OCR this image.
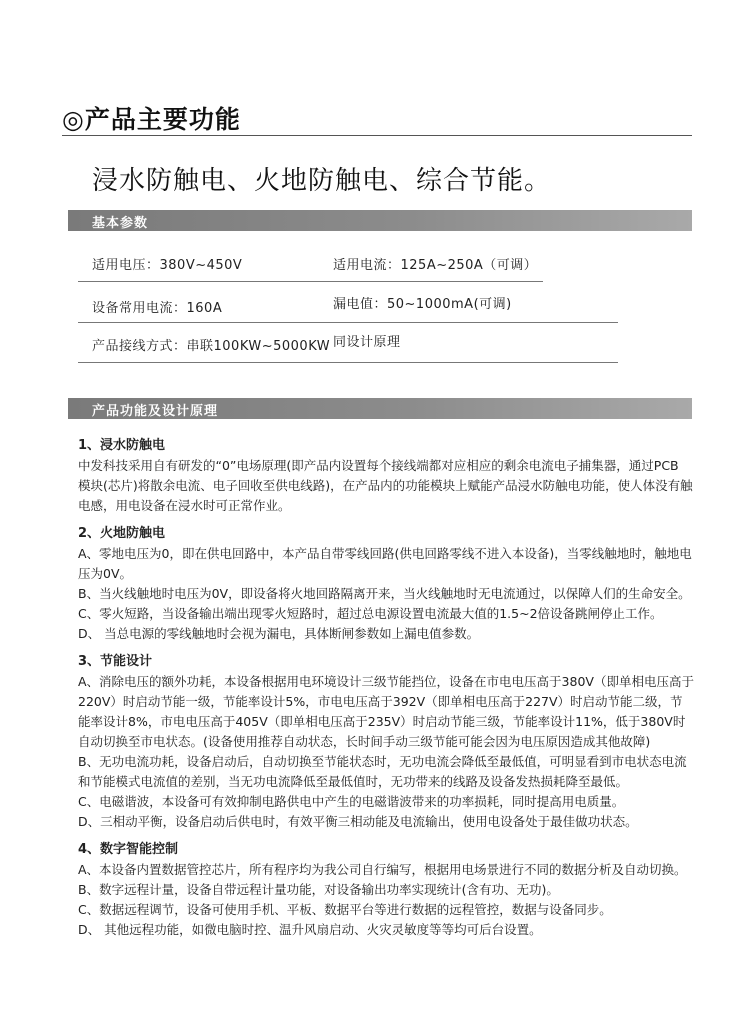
◎产品主要功能
浸水防触电、火地防触电、综合节能。
基本参数
适用电压：380V~450V	适用电流：125A~250A（可调）
设备常用电流：160A	漏电值：50~1000mA(可调)
产品接线方式：串联100KW~5000KW 同设计原理
产品功能及设计原理
1、浸水防触电

中发科技采用自有研发的“0”电场原理(即产品内设置每个接线端都对应相应的剩余电流电子捕集器，通过PCB 模块(芯片)将散余电流、电子回收至供电线路)，在产品内的功能模块上赋能产品浸水防触电功能，使人体没有触电感，用电设备在浸水时可正常作业。

2、火地防触电

A、零地电压为0，即在供电回路中，本产品自带零线回路(供电回路零线不进入本设备)，当零线触地时，触地电压为0V。

B、当火线触地时电压为0V，即设备将火地回路隔离开来，当火线触地时无电流通过，以保障人们的生命安全。

C、零火短路，当设备输出端出现零火短路时，超过总电源设置电流最大值的1.5~2倍设备跳闸停止工作。

D、 当总电源的零线触地时会视为漏电，具体断闸参数如上漏电值参数。

3、节能设计

A、消除电压的额外功耗，本设备根据用电环境设计三级节能挡位，设备在市电电压高于380V（即单相电压高于220V）时启动节能一级，节能率设计5%，市电电压高于392V（即单相电压高于227V）时启动节能二级，节能率设计8%，市电电压高于405V（即单相电压高于235V）时启动节能三级，节能率设计11%，低于380V时自动切换至市电状态。(设备使用推荐自动状态，长时间手动三级节能可能会因为电压原因造成其他故障)

B、无功电流功耗，设备启动后，自动切换至节能状态时，无功电流会降低至最低值，可明显看到市电状态电流和节能模式电流值的差别，当无功电流降低至最低值时，无功带来的线路及设备发热损耗降至最低。

C、电磁谐波，本设备可有效抑制电路供电中产生的电磁谐波带来的功率损耗，同时提高用电质量。

D、三相动平衡，设备启动后供电时，有效平衡三相动能及电流输出，使用电设备处于最佳做功状态。

4、数字智能控制

A、本设备内置数据管控芯片，所有程序均为我公司自行编写，根据用电场景进行不同的数据分析及自动切换。

B、数字远程计量，设备自带远程计量功能，对设备输出功率实现统计(含有功、无功)。

C、数据远程调节，设备可使用手机、平板、数据平台等进行数据的远程管控，数据与设备同步。

D、 其他远程功能，如微电脑时控、温升风扇启动、火灾灵敏度等等均可后台设置。
